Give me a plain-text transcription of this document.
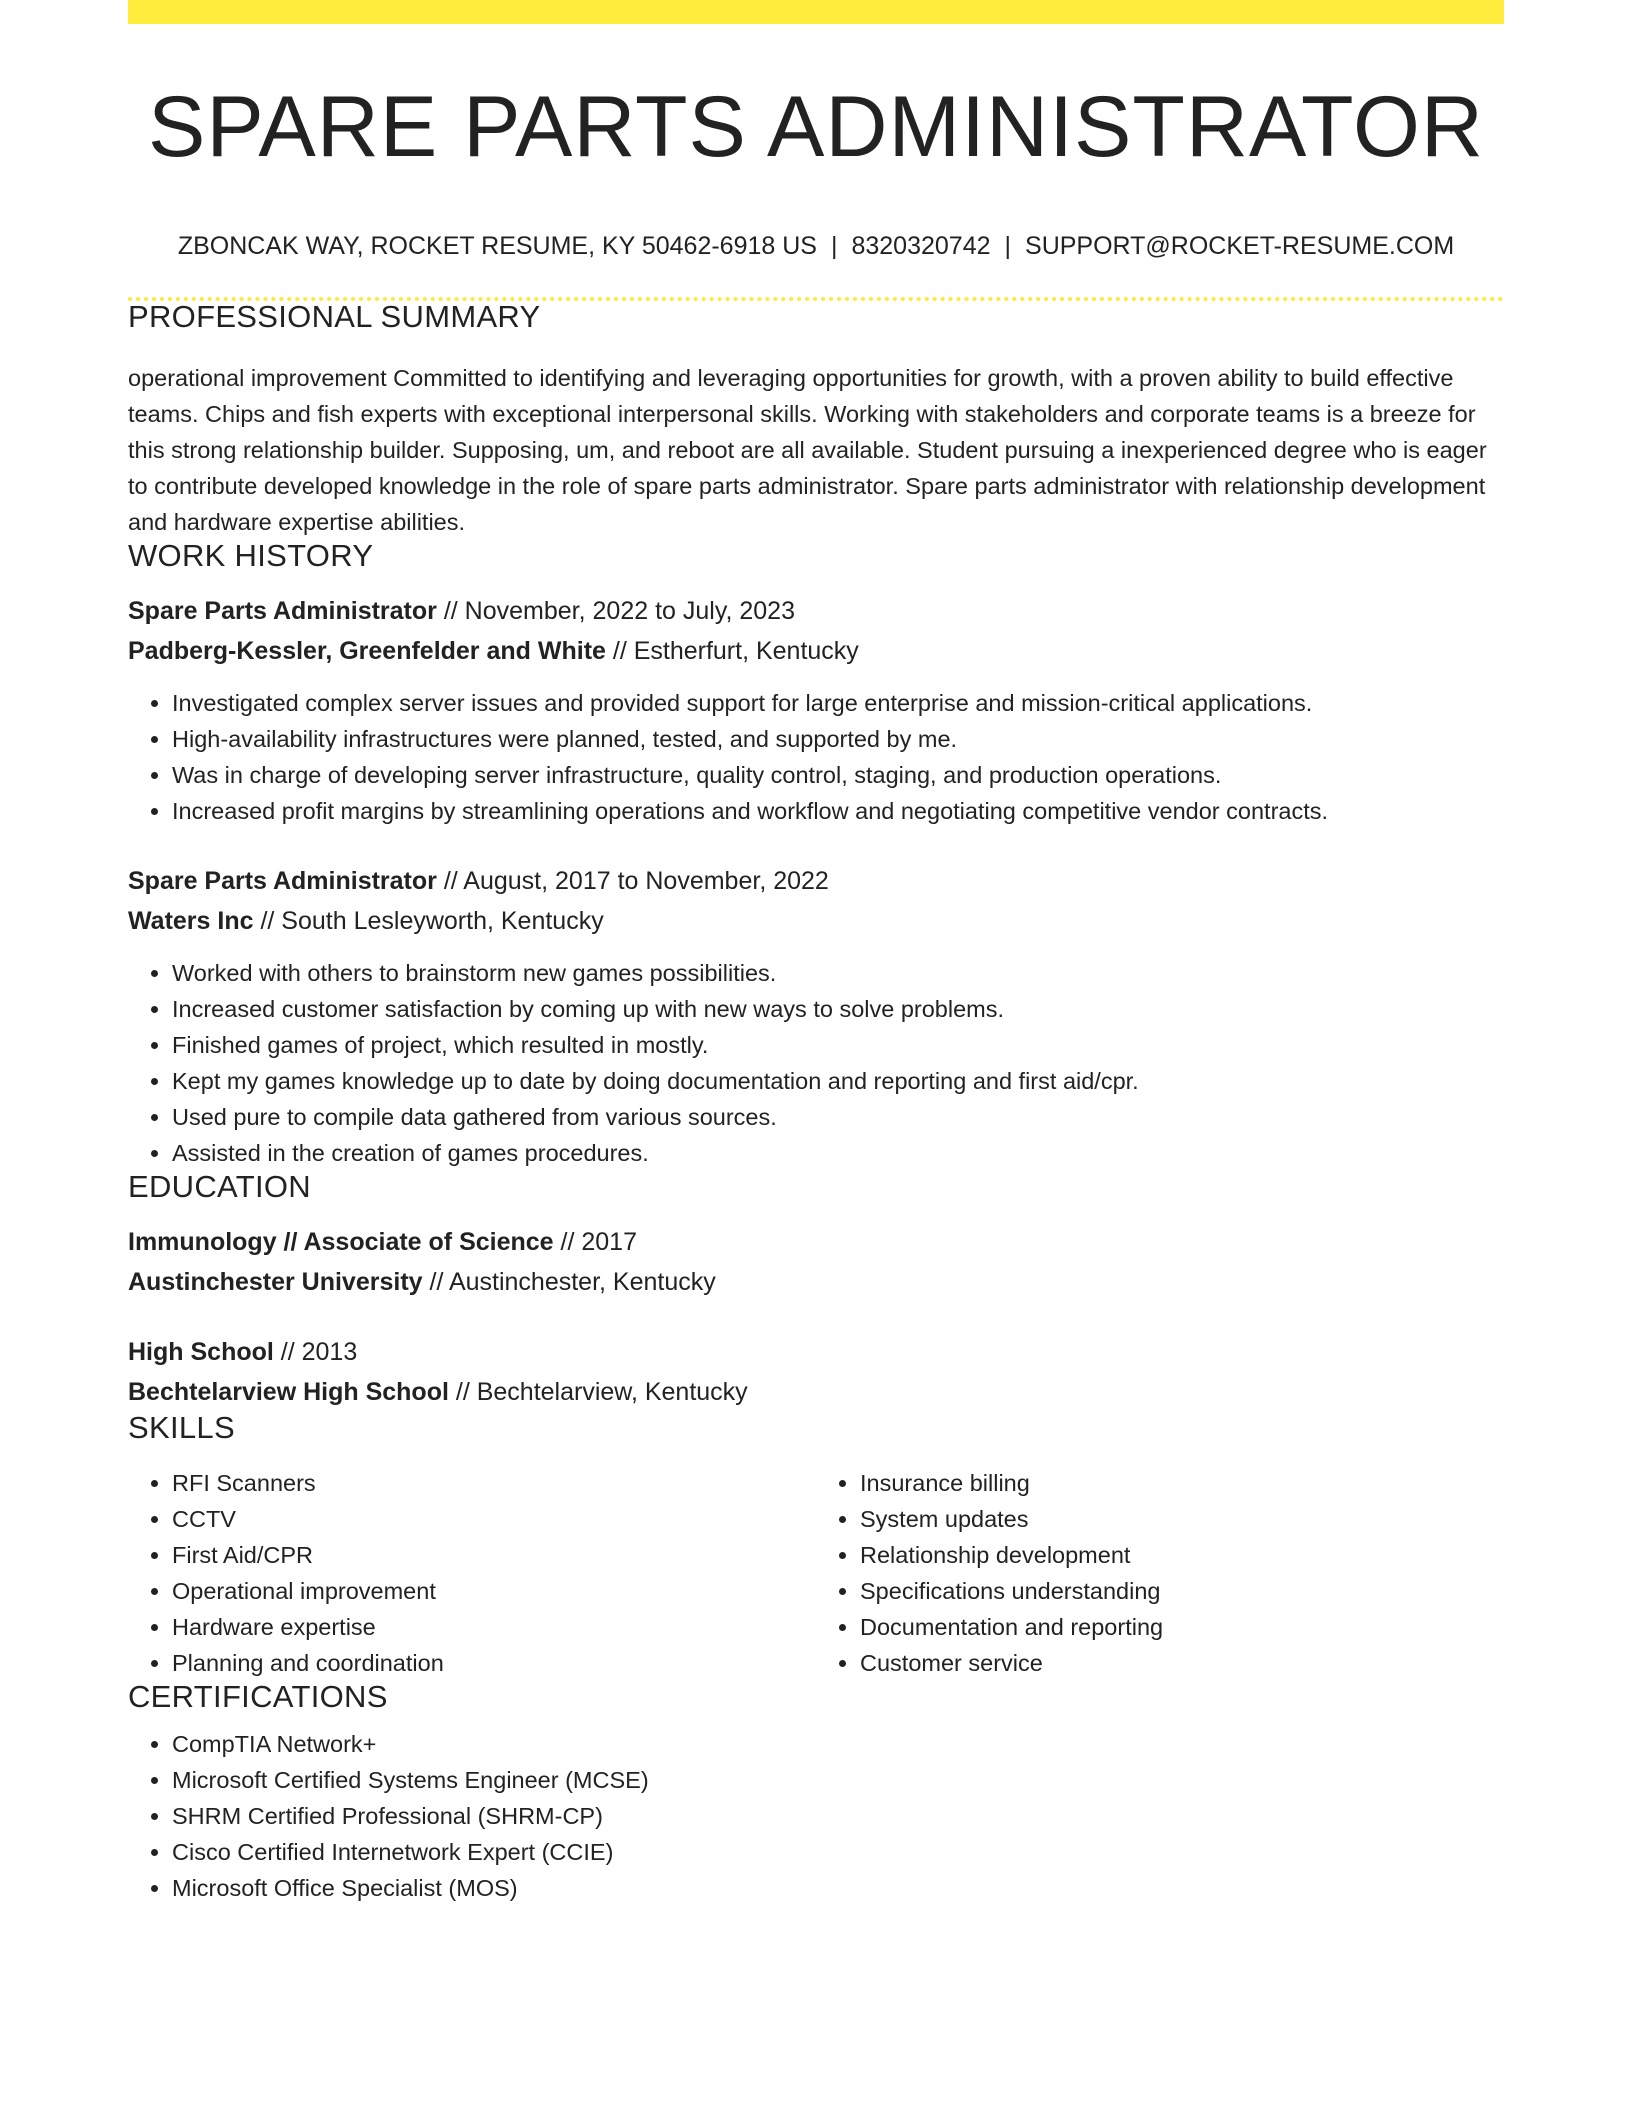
SPARE PARTS ADMINISTRATOR
ZBONCAK WAY, ROCKET RESUME, KY 50462-6918 US | 8320320742 | SUPPORT@ROCKET-RESUME.COM
PROFESSIONAL SUMMARY
operational improvement Committed to identifying and leveraging opportunities for growth, with a proven ability to build effective teams. Chips and fish experts with exceptional interpersonal skills. Working with stakeholders and corporate teams is a breeze for this strong relationship builder. Supposing, um, and reboot are all available. Student pursuing a inexperienced degree who is eager to contribute developed knowledge in the role of spare parts administrator. Spare parts administrator with relationship development and hardware expertise abilities.
WORK HISTORY
Spare Parts Administrator // November, 2022 to July, 2023
Padberg-Kessler, Greenfelder and White // Estherfurt, Kentucky
• Investigated complex server issues and provided support for large enterprise and mission-critical applications.
• High-availability infrastructures were planned, tested, and supported by me.
• Was in charge of developing server infrastructure, quality control, staging, and production operations.
• Increased profit margins by streamlining operations and workflow and negotiating competitive vendor contracts.
Spare Parts Administrator // August, 2017 to November, 2022
Waters Inc // South Lesleyworth, Kentucky
• Worked with others to brainstorm new games possibilities.
• Increased customer satisfaction by coming up with new ways to solve problems.
• Finished games of project, which resulted in mostly.
• Kept my games knowledge up to date by doing documentation and reporting and first aid/cpr.
• Used pure to compile data gathered from various sources.
• Assisted in the creation of games procedures.
EDUCATION
Immunology // Associate of Science // 2017
Austinchester University // Austinchester, Kentucky
High School // 2013
Bechtelarview High School // Bechtelarview, Kentucky
SKILLS
• RFI Scanners
• CCTV
• First Aid/CPR
• Operational improvement
• Hardware expertise
• Planning and coordination
• Insurance billing
• System updates
• Relationship development
• Specifications understanding
• Documentation and reporting
• Customer service
CERTIFICATIONS
• CompTIA Network+
• Microsoft Certified Systems Engineer (MCSE)
• SHRM Certified Professional (SHRM-CP)
• Cisco Certified Internetwork Expert (CCIE)
• Microsoft Office Specialist (MOS)
